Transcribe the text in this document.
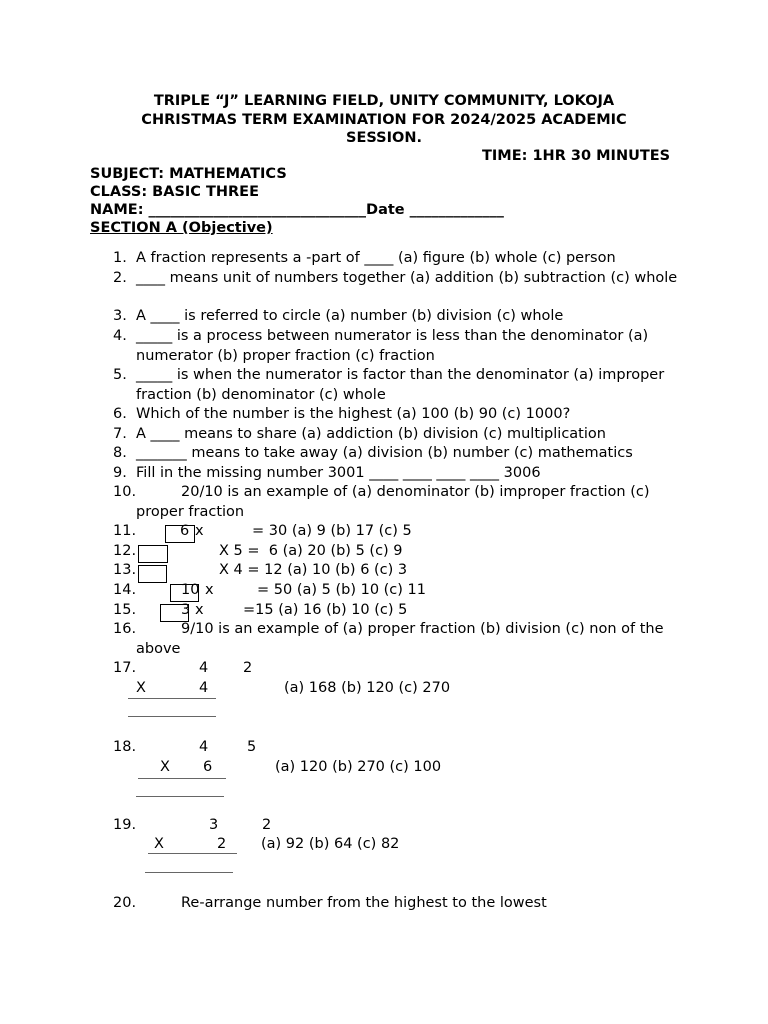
TRIPLE “J” LEARNING FIELD, UNITY COMMUNITY, LOKOJA
CHRISTMAS TERM EXAMINATION FOR 2024/2025 ACADEMIC
SESSION.
TIME: 1HR 30 MINUTES
SUBJECT: MATHEMATICS
CLASS: BASIC THREE
NAME: ______________________________Date _____________
SECTION A (Objective)
1. A fraction represents a -part of ____ (a) figure (b) whole (c) person
2. ____ means unit of numbers together (a) addition (b) subtraction (c) whole
3. A ____ is referred to circle (a) number (b) division (c) whole
4. _____ is a process between numerator is less than the denominator (a) numerator (b) proper fraction (c) fraction
5. _____ is when the numerator is factor than the denominator (a) improper fraction (b) denominator (c) whole
6. Which of the number is the highest (a) 100 (b) 90 (c) 1000?
7. A ____ means to share (a) addiction (b) division (c) multiplication
8. _______ means to take away (a) division (b) number (c) mathematics
9. Fill in the missing number 3001 ____ ____ ____ ____ 3006
10.	20/10 is an example of (a) denominator (b) improper fraction (c) proper fraction
11.	6 x	= 30 (a) 9 (b) 17 (c) 5
12.	X 5 =  6 (a) 20 (b) 5 (c) 9
13.	X 4 = 12 (a) 10 (b) 6 (c) 3
14.	10 x	= 50 (a) 5 (b) 10 (c) 11
15.	3 x	=15 (a) 16 (b) 10 (c) 5
16.	9/10 is an example of (a) proper fraction (b) division (c) non of the above
17.	4 2
X	4	(a) 168 (b) 120 (c) 270
18.	4	5
X 6	(a) 120 (b) 270 (c) 100
19.	3	2
X	2 (a) 92 (b) 64 (c) 82
20.	Re-arrange number from the highest to the lowest
